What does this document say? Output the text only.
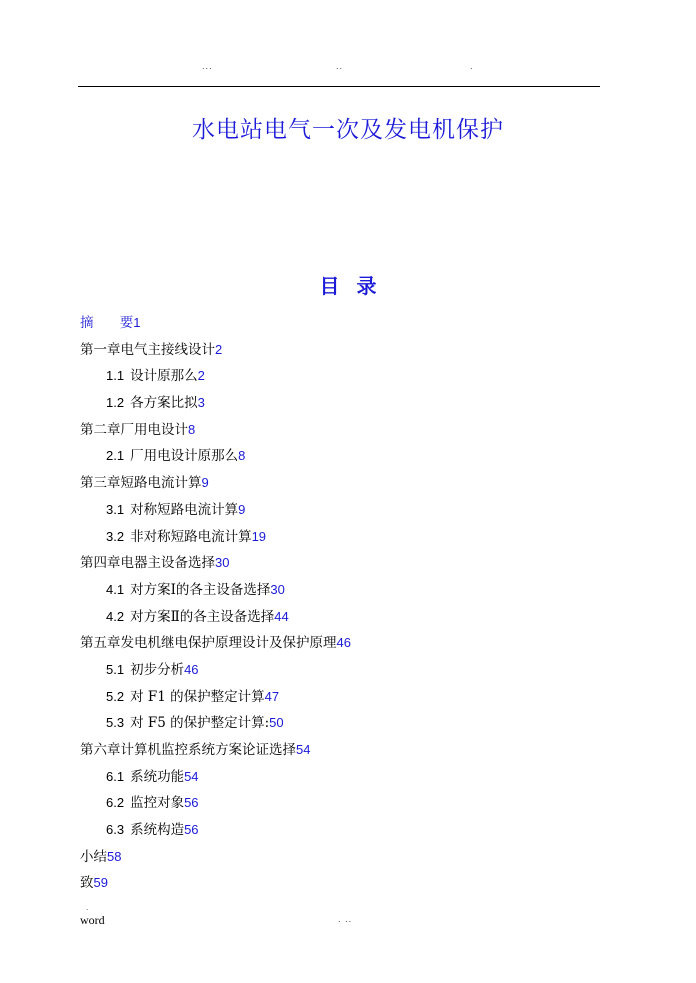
...	..	.
水电站电气一次及发电机保护
目 录
摘 要1
第一章电气主接线设计2
1.1 设计原那么2
1.2 各方案比拟3
第二章厂用电设计8
2.1 厂用电设计原那么8
第三章短路电流计算9
3.1 对称短路电流计算9
3.2 非对称短路电流计算19
第四章电器主设备选择30
4.1 对方案Ⅰ的各主设备选择30
4.2 对方案Ⅱ的各主设备选择44
第五章发电机继电保护原理设计及保护原理46
5.1 初步分析46
5.2 对 F1 的保护整定计算47
5.3 对 F5 的保护整定计算:50
第六章计算机监控系统方案论证选择54
6.1 系统功能54
6.2 监控对象56
6.3 系统构造56
小结58
致59
.
word	. ..
